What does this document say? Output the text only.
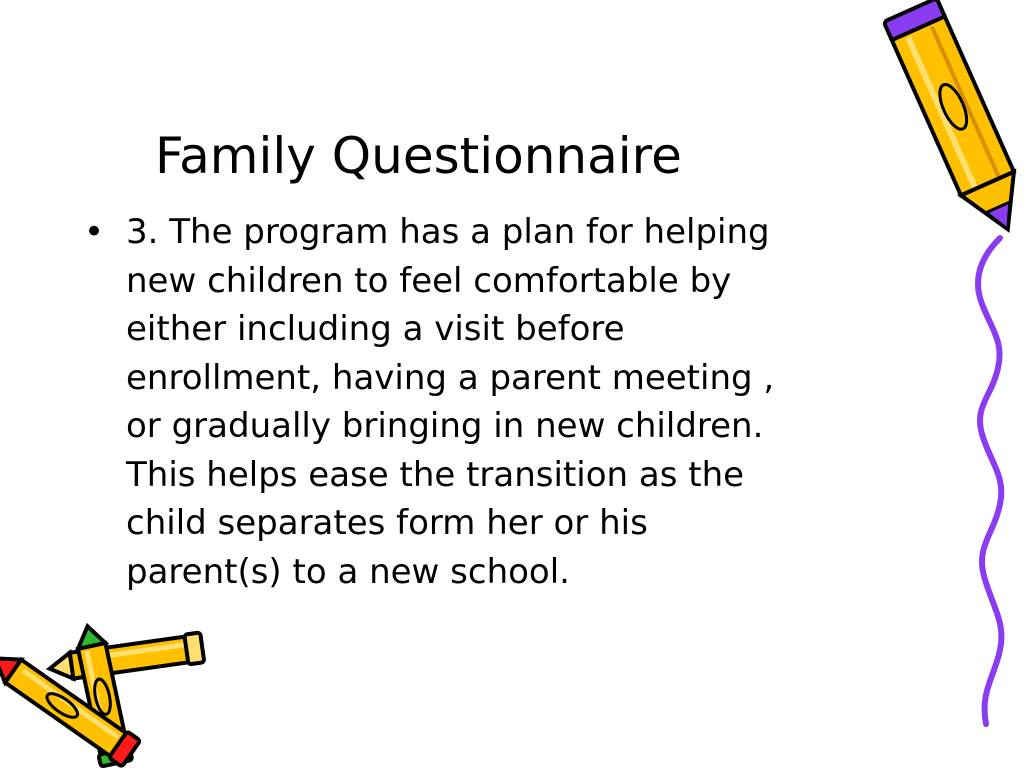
Family Questionnaire
• 3. The program has a plan for helping
new children to feel comfortable by
either including a visit before
enrollment, having a parent meeting ,
or gradually bringing in new children.
This helps ease the transition as the
child separates form her or his
parent(s) to a new school.
